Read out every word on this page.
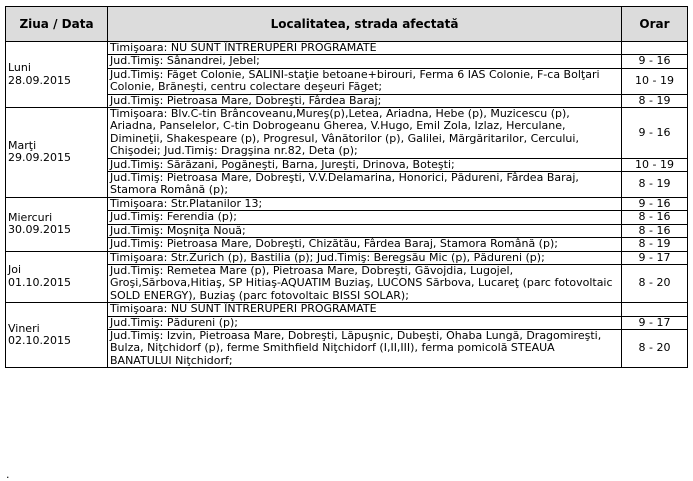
Ziua / Data	Localitatea, strada afectată	Orar

Luni
28.09.2015	Timişoara: NU SUNT ÎNTRERUPERI PROGRAMATE	
	Jud.Timiş: Sânandrei, Jebel;	9 - 16
	Jud.Timiş: Făget Colonie, SALINI-staţie betoane+birouri, Ferma 6 IAS Colonie, F-ca Bolţari Colonie, Brăneşti, centru colectare deşeuri Făget;	10 - 19
	Jud.Timiş: Pietroasa Mare, Dobreşti, Fârdea Baraj;	8 - 19

Marţi
29.09.2015	Timişoara: Blv.C-tin Brâncoveanu,Mureş(p),Letea, Ariadna, Hebe (p), Muzicescu (p), Ariadna, Panselelor, C-tin Dobrogeanu Gherea, V.Hugo, Emil Zola, Izlaz, Herculane, Dimineţii, Shakespeare (p), Progresul, Vânătorilor (p), Galilei, Mărgăritarilor, Cercului, Chişodei; Jud.Timiş: Dragşina nr.82, Deta (p);	9 - 16
	Jud.Timiş: Sărăzani, Pogăneşti, Barna, Jureşti, Drinova, Boteşti;	10 - 19
	Jud.Timiş: Pietroasa Mare, Dobreşti, V.V.Delamarina, Honorici, Pădureni, Fârdea Baraj, Stamora Română (p);	8 - 19

Miercuri
30.09.2015	Timişoara: Str.Platanilor 13;	9 - 16
	Jud.Timiş: Ferendia (p);	8 - 16
	Jud.Timiş: Moşniţa Nouă;	8 - 16
	Jud.Timiş: Pietroasa Mare, Dobreşti, Chizătău, Fârdea Baraj, Stamora Română (p);	8 - 19

Joi
01.10.2015	Timişoara: Str.Zurich (p), Bastilia (p); Jud.Timiş: Beregsău Mic (p), Pădureni (p);	9 - 17
	Jud.Timiş: Remetea Mare (p), Pietroasa Mare, Dobreşti, Găvojdia, Lugojel, Groşi,Sărbova,Hitiaş, SP Hitiaş-AQUATIM Buziaş, LUCONS Sărbova, Lucareţ (parc fotovoltaic SOLD ENERGY), Buziaş (parc fotovoltaic BISSI SOLAR);	8 - 20

Vineri
02.10.2015	Timişoara: NU SUNT ÎNTRERUPERI PROGRAMATE	
	Jud.Timiş: Pădureni (p);	9 - 17
	Jud.Timiş: Izvin, Pietroasa Mare, Dobreşti, Lăpuşnic, Dubeşti, Ohaba Lungă, Dragomireşti, Bulza, Niţchidorf (p), ferme Smithfield Niţchidorf (I,II,III), ferma pomicolă STEAUA BANATULUI Niţchidorf;	8 - 20
.
